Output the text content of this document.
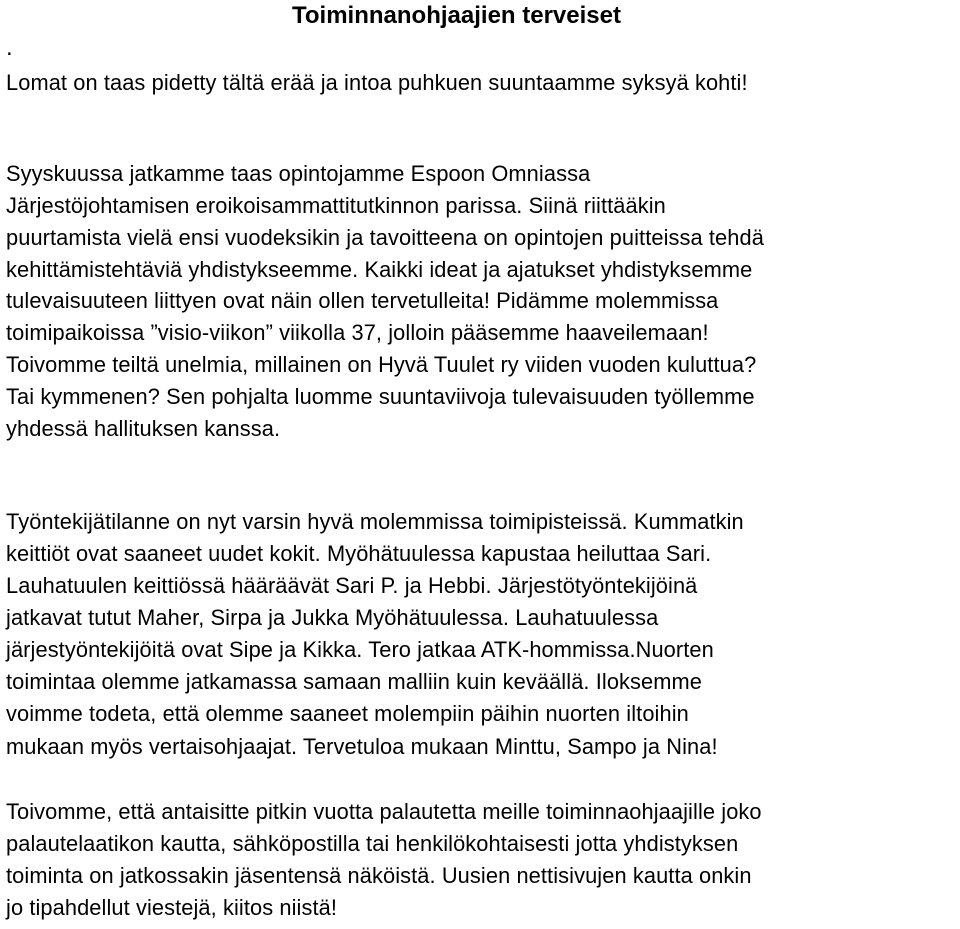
Toiminnanohjaajien terveiset
.
Lomat on taas pidetty tältä erää ja intoa puhkuen suuntaamme syksyä kohti!
Syyskuussa jatkamme taas opintojamme Espoon Omniassa
Järjestöjohtamisen eroikoisammattitutkinnon parissa. Siinä riittääkin
puurtamista vielä ensi vuodeksikin ja tavoitteena on opintojen puitteissa tehdä
kehittämistehtäviä yhdistykseemme. Kaikki ideat ja ajatukset yhdistyksemme
tulevaisuuteen liittyen ovat näin ollen tervetulleita! Pidämme molemmissa
toimipaikoissa ”visio-viikon” viikolla 37, jolloin pääsemme haaveilemaan!
Toivomme teiltä unelmia, millainen on Hyvä Tuulet ry viiden vuoden kuluttua?
Tai kymmenen? Sen pohjalta luomme suuntaviivoja tulevaisuuden työllemme
yhdessä hallituksen kanssa.
Työntekijätilanne on nyt varsin hyvä molemmissa toimipisteissä. Kummatkin
keittiöt ovat saaneet uudet kokit. Myöhätuulessa kapustaa heiluttaa Sari.
Lauhatuulen keittiössä hääräävät Sari P. ja Hebbi. Järjestötyöntekijöinä
jatkavat tutut Maher, Sirpa ja Jukka Myöhätuulessa. Lauhatuulessa
järjestyöntekijöitä ovat Sipe ja Kikka. Tero jatkaa ATK-hommissa.Nuorten
toimintaa olemme jatkamassa samaan malliin kuin keväällä. Iloksemme
voimme todeta, että olemme saaneet molempiin päihin nuorten iltoihin
mukaan myös vertaisohjaajat. Tervetuloa mukaan Minttu, Sampo ja Nina!
Toivomme, että antaisitte pitkin vuotta palautetta meille toiminnaohjaajille joko
palautelaatikon kautta, sähköpostilla tai henkilökohtaisesti jotta yhdistyksen
toiminta on jatkossakin jäsentensä näköistä. Uusien nettisivujen kautta onkin
jo tipahdellut viestejä, kiitos niistä!
